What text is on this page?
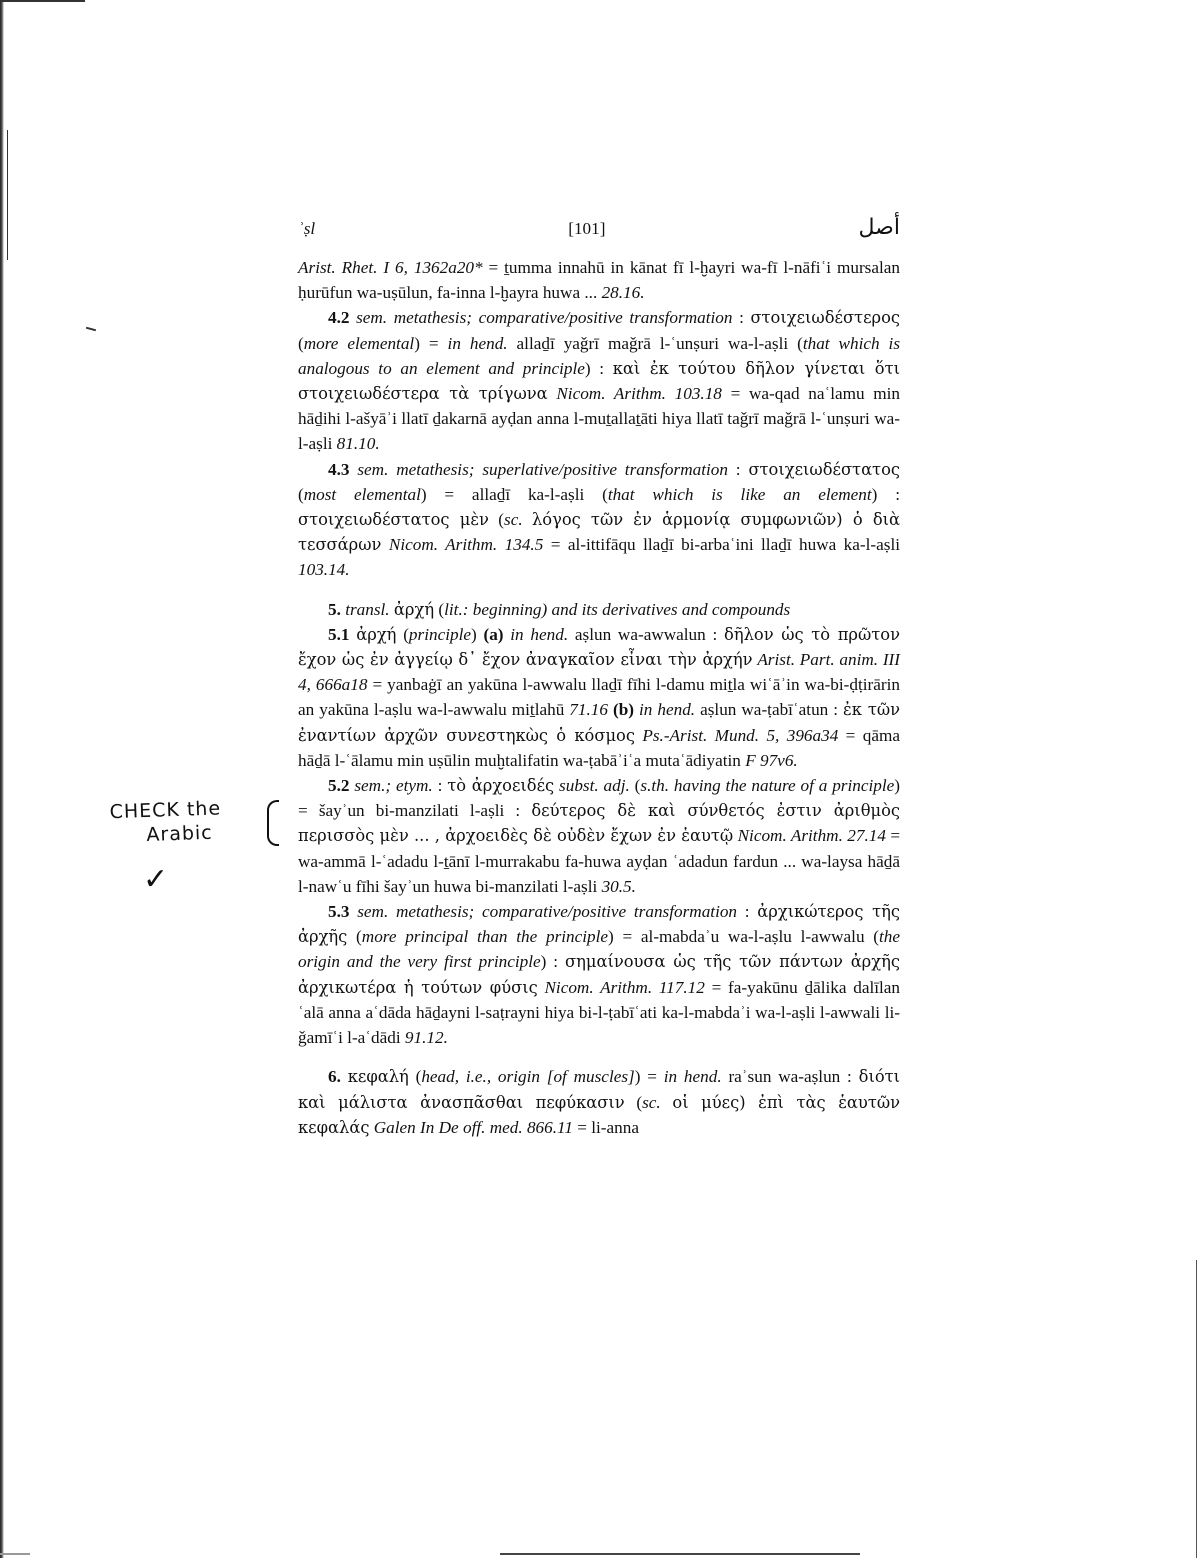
ʾṣl	[101]	أصل

Arist. Rhet. I 6, 1362a20* = ṯumma innahū in kānat fī l-ḫayri wa-fī l-nāfiʿi mursalan ḥurūfun wa-uṣūlun, fa-inna l-ḫayra huwa ... 28.16.

4.2 sem. metathesis; comparative/positive transformation : στοιχειωδέστερος (more elemental) = in hend. allaḏī yaǧrī maǧrā l-ʿunṣuri wa-l-aṣli (that which is analogous to an element and principle) : καὶ ἐκ τούτου δῆλον γίνεται ὅτι στοιχειωδέστερα τὰ τρίγωνα Nicom. Arithm. 103.18 = wa-qad naʿlamu min hāḏihi l-ašyāʾi llatī ḏakarnā ayḍan anna l-muṯallaṯāti hiya llatī taǧrī maǧrā l-ʿunṣuri wa-l-aṣli 81.10.

4.3 sem. metathesis; superlative/positive transformation : στοιχειωδέστατος (most elemental) = allaḏī ka-l-aṣli (that which is like an element) : στοιχειωδέστατος μὲν (sc. λόγος τῶν ἐν ἁρμονίᾳ συμφωνιῶν) ὁ διὰ τεσσάρων Nicom. Arithm. 134.5 = al-ittifāqu llaḏī bi-arbaʿini llaḏī huwa ka-l-aṣli 103.14.

5. transl. ἀρχή (lit.: beginning) and its derivatives and compounds

5.1 ἀρχή (principle) (a) in hend. aṣlun wa-awwalun : δῆλον ὡς τὸ πρῶτον ἔχον ὡς ἐν ἀγγείῳ δ᾽ ἔχον ἀναγκαῖον εἶναι τὴν ἀρχήν Arist. Part. anim. III 4, 666a18 = yanbaġī an yakūna l-awwalu llaḏī fīhi l-damu miṯla wiʿāʾin wa-bi-ḍṭirārin an yakūna l-aṣlu wa-l-awwalu miṯlahū 71.16 (b) in hend. aṣlun wa-ṭabīʿatun : ἐκ τῶν ἐναντίων ἀρχῶν συνεστηκὼς ὁ κόσμος Ps.-Arist. Mund. 5, 396a34 = qāma hāḏā l-ʿālamu min uṣūlin muḫtalifatin wa-ṭabāʾiʿa mutaʿādiyatin F 97v6.

5.2 sem.; etym. : τὸ ἀρχοειδές subst. adj. (s.th. having the nature of a principle) = šayʾun bi-manzilati l-aṣli : δεύτερος δὲ καὶ σύνθετός ἐστιν ἀριθμὸς περισσὸς μὲν ... , ἀρχοειδὲς δὲ οὐδὲν ἔχων ἐν ἑαυτῷ Nicom. Arithm. 27.14 = wa-ammā l-ʿadadu l-ṯānī l-murrakabu fa-huwa ayḍan ʿadadun fardun ... wa-laysa hāḏā l-nawʿu fīhi šayʾun huwa bi-manzilati l-aṣli 30.5.

5.3 sem. metathesis; comparative/positive transformation : ἀρχικώτερος τῆς ἀρχῆς (more principal than the principle) = al-mabdaʾu wa-l-aṣlu l-awwalu (the origin and the very first principle) : σημαίνουσα ὡς τῆς τῶν πάντων ἀρχῆς ἀρχικωτέρα ἡ τούτων φύσις Nicom. Arithm. 117.12 = fa-yakūnu ḏālika dalīlan ʿalā anna aʿdāda hāḏayni l-saṭrayni hiya bi-l-ṭabīʿati ka-l-mabdaʾi wa-l-aṣli l-awwali li-ǧamīʿi l-aʿdādi 91.12.

6. κεφαλή (head, i.e., origin [of muscles]) = in hend. raʾsun wa-aṣlun : διότι καὶ μάλιστα ἀνασπᾶσθαι πεφύκασιν (sc. οἱ μύες) ἐπὶ τὰς ἑαυτῶν κεφαλάς Galen In De off. med. 866.11 = li-anna

CHECK the
Arabic
✓
